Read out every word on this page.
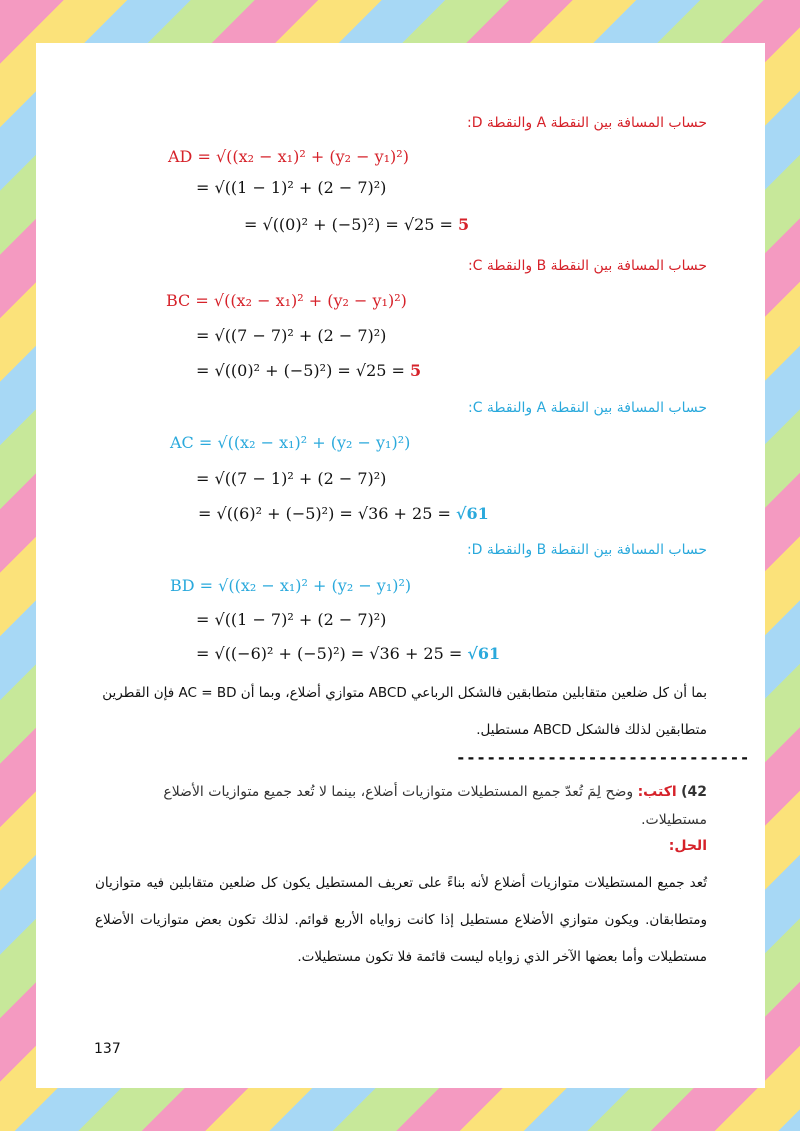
حساب المسافة بين النقطة A والنقطة D:
AD = √((x₂ − x₁)² + (y₂ − y₁)²)
= √((1 − 1)² + (2 − 7)²)
= √((0)² + (−5)²) = √25 = 5
حساب المسافة بين النقطة B والنقطة C:
BC = √((x₂ − x₁)² + (y₂ − y₁)²)
= √((7 − 7)² + (2 − 7)²)
= √((0)² + (−5)²) = √25 = 5
حساب المسافة بين النقطة A والنقطة C:
AC = √((x₂ − x₁)² + (y₂ − y₁)²)
= √((7 − 1)² + (2 − 7)²)
= √((6)² + (−5)²) = √36 + 25 = √61
حساب المسافة بين النقطة B والنقطة D:
BD = √((x₂ − x₁)² + (y₂ − y₁)²)
= √((1 − 7)² + (2 − 7)²)
= √((−6)² + (−5)²) = √36 + 25 = √61
بما أن كل ضلعين متقابلين متطابقين فالشكل الرباعي ABCD متوازي أضلاع، وبما أن AC = BD فإن القطرين
متطابقين لذلك فالشكل ABCD مستطيل.
-----------------------------
42) اكتب: وضح لِمَ تُعدّ جميع المستطيلات متوازيات أضلاع، بينما لا تُعد جميع متوازيات الأضلاع مستطيلات.
الحل:
تُعد جميع المستطيلات متوازيات أضلاع لأنه بناءً على تعريف المستطيل يكون كل ضلعين متقابلين فيه متوازيان ومتطابقان. ويكون متوازي الأضلاع مستطيل إذا كانت زواياه الأربع قوائم. لذلك تكون بعض متوازيات الأضلاع مستطيلات وأما بعضها الآخر الذي زواياه ليست قائمة فلا تكون مستطيلات.
137
